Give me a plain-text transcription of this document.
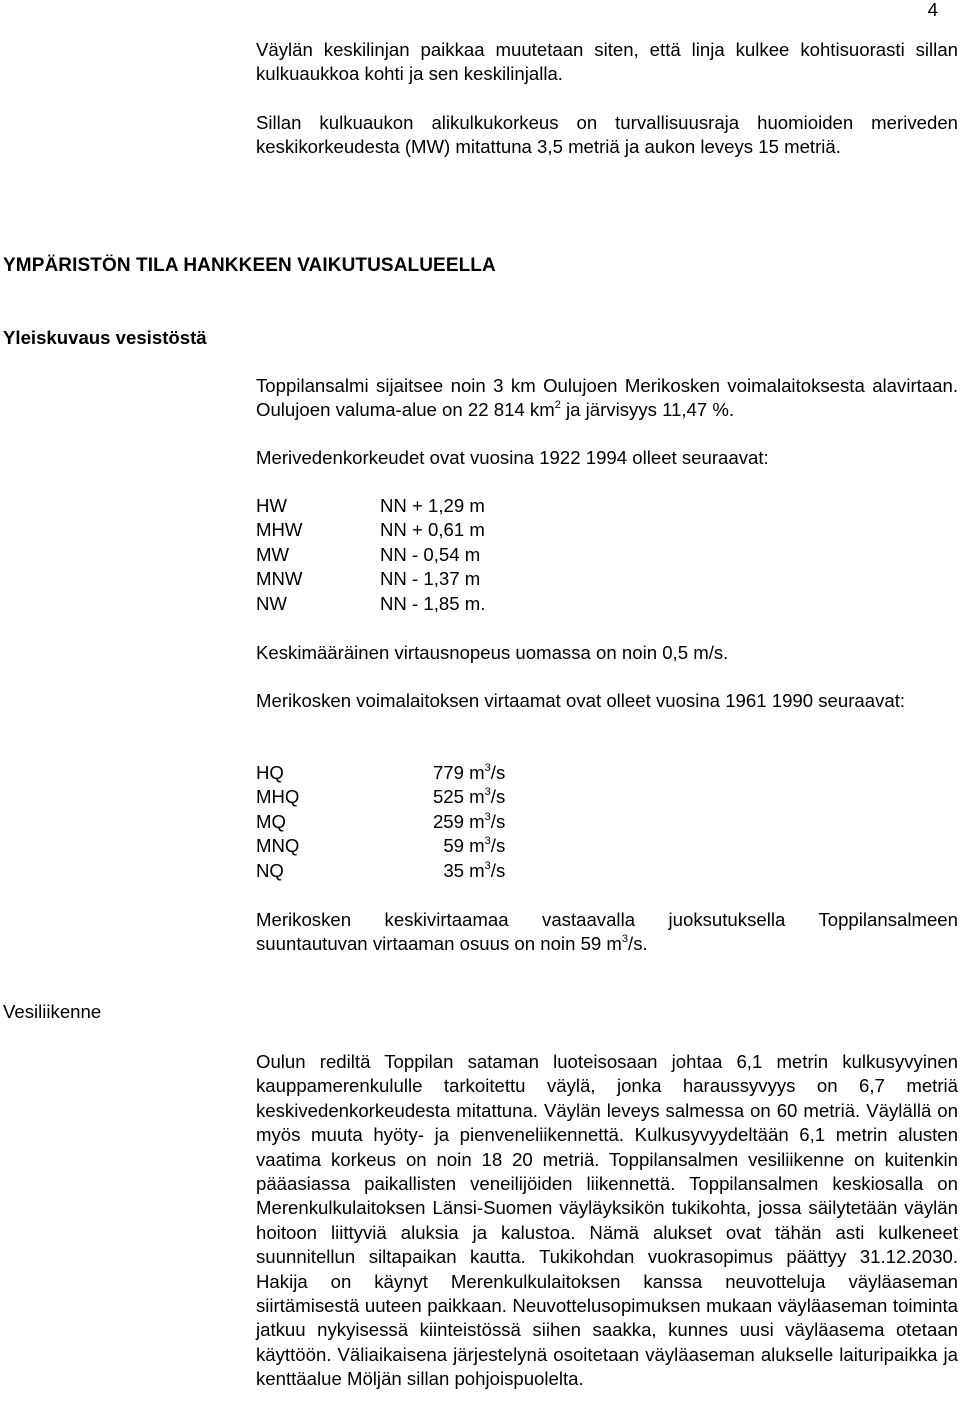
4

Väylän keskilinjan paikkaa muutetaan siten, että linja kulkee kohtisuorasti sillan kulkuaukkoa kohti ja sen keskilinjalla.

Sillan kulkuaukon alikulkukorkeus on turvallisuusraja huomioiden meriveden keskikorkeudesta (MW) mitattuna 3,5 metriä ja aukon leveys 15 metriä.

YMPÄRISTÖN TILA HANKKEEN VAIKUTUSALUEELLA
Yleiskuvaus vesistöstä

Toppilansalmi sijaitsee noin 3 km Oulujoen Merikosken voimalaitoksesta alavirtaan. Oulujoen valuma-alue on 22 814 $km^2$ ja järvisyys 11,47 %.

Merivedenkorkeudet ovat vuosina 1922 1994 olleet seuraavat:

HW	NN + 1,29 m
MHW	NN + 0,61 m
MW	NN - 0,54 m
MNW	NN - 1,37 m
NW	NN - 1,85 m.

Keskimääräinen virtausnopeus uomassa on noin 0,5 m/s.

Merikosken voimalaitoksen virtaamat ovat olleet vuosina 1961 1990 seuraavat:

HQ	779	$m^3/s$
MHQ	525	$m^3/s$
MQ	259	$m^3/s$
MNQ	59	$m^3/s$
NQ	35	$m^3/s$

Merikosken keskivirtaamaa vastaavalla juoksutuksella Toppilansalmeen suuntautuvan virtaaman osuus on noin 59 $m^3/s$.

Vesiliikenne

Oulun rediltä Toppilan sataman luoteisosaan johtaa 6,1 metrin kulkusyvyinen kauppamerenkululle tarkoitettu väylä, jonka haraussyvyys on 6,7 metriä keskivedenkorkeudesta mitattuna. Väylän leveys salmessa on 60 metriä. Väylällä on myös muuta hyöty- ja pienveneliikennettä. Kulkusyvyydeltään 6,1 metrin alusten vaatima korkeus on noin 18 20 metriä. Toppilansalmen vesiliikenne on kuitenkin pääasiassa paikallisten veneilijöiden liikennettä. Toppilansalmen keskiosalla on Merenkulkulaitoksen Länsi-Suomen väyläyksikön tukikohta, jossa säilytetään väylän hoitoon liittyviä aluksia ja kalustoa. Nämä alukset ovat tähän asti kulkeneet suunnitellun siltapaikan kautta. Tukikohdan vuokrasopimus päättyy 31.12.2030. Hakija on käynyt Merenkulkulaitoksen kanssa neuvotteluja väyläaseman siirtämisestä uuteen paikkaan. Neuvottelusopimuksen mukaan väyläaseman toiminta jatkuu nykyisessä kiinteistössä siihen saakka, kunnes uusi väyläasema otetaan käyttöön. Väliaikaisena järjestelynä osoitetaan väyläaseman alukselle laituripaikka ja kenttäalue Möljän sillan pohjoispuolelta.
